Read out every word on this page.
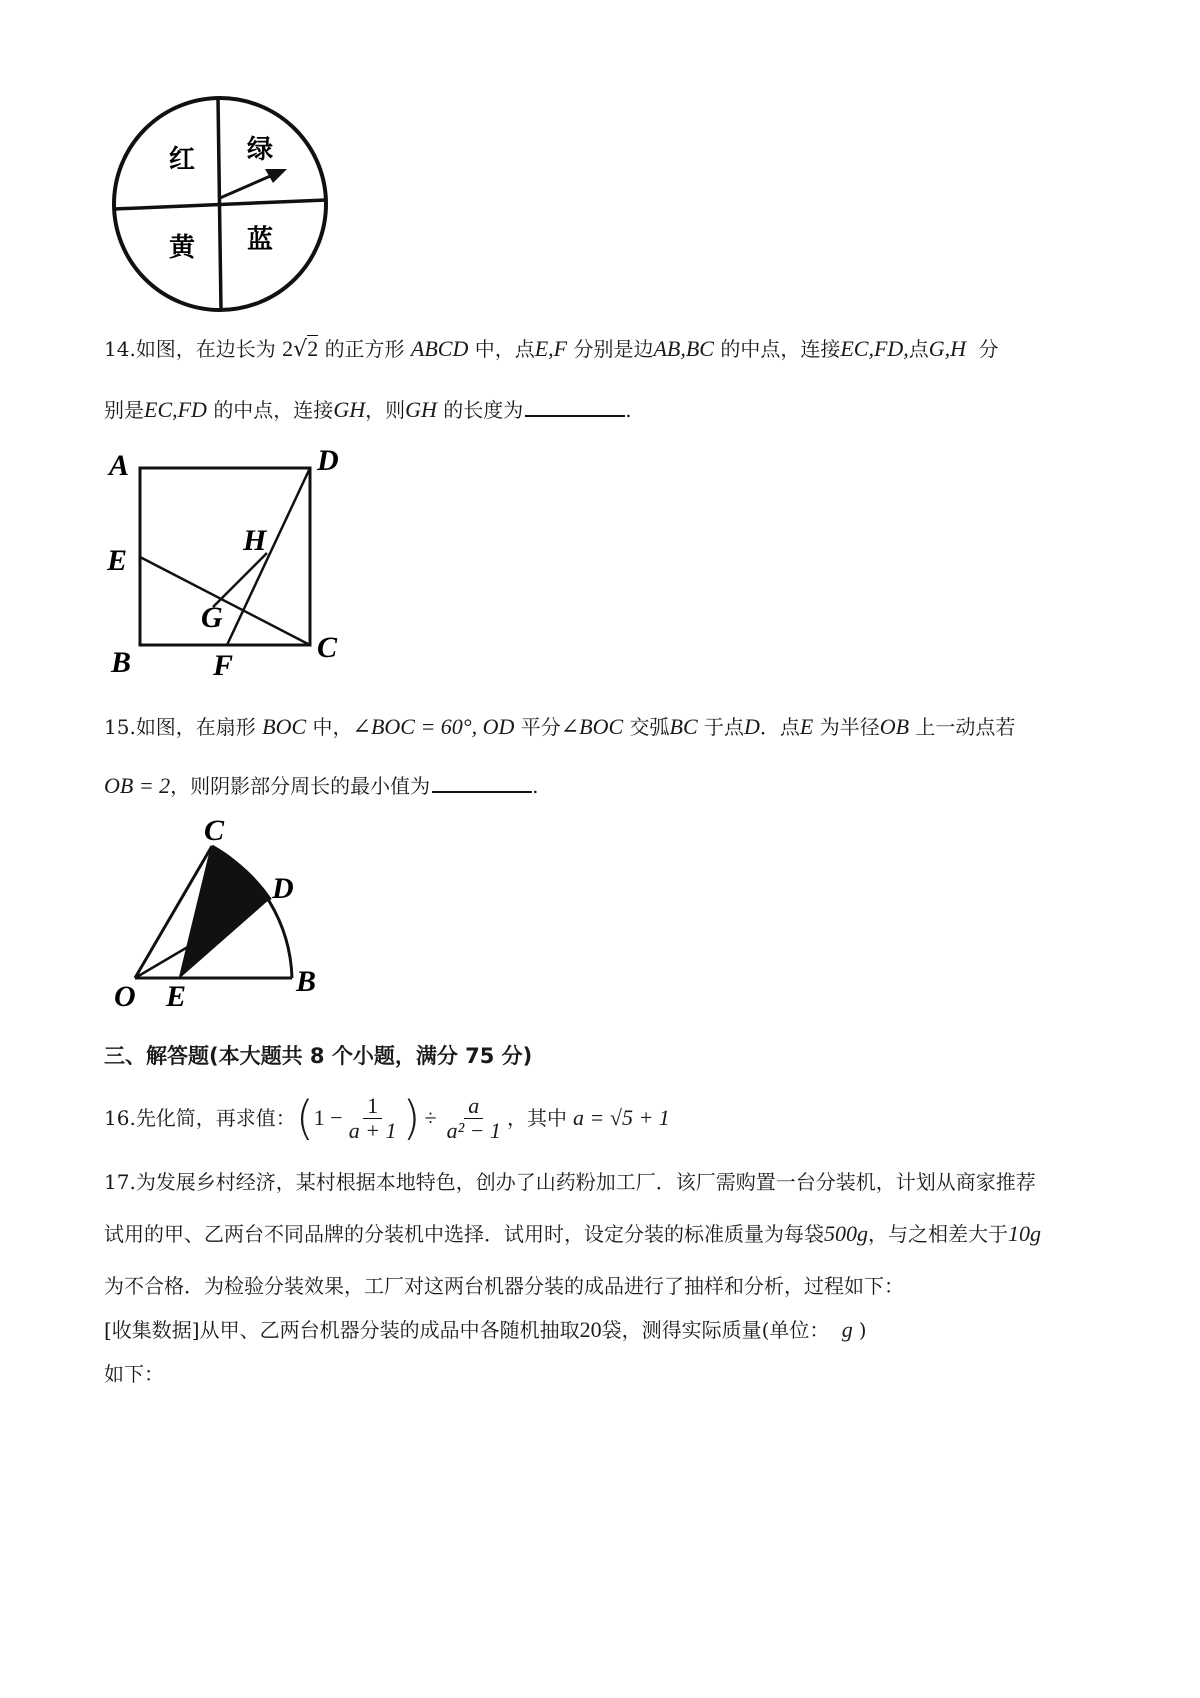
红 绿
黄 蓝
14.如图，在边长为 2√2 的正方形 ABCD 中，点E,F 分别是边AB,BC 的中点，连接EC,FD,点G,H 分
别是EC,FD 的中点，连接GH，则GH 的长度为	.
A	D
E
H
G
B	F
C
15.如图，在扇形 BOC 中，∠BOC = 60°, OD 平分∠BOC 交弧BC 于点D．点E 为半径OB 上一动点若
OB = 2，则阴影部分周长的最小值为	.
C
D
O E	B
三、解答题(本大题共 8 个小题，满分 75 分)
16. 先化简，再求值： ( $1 - \frac{1}{a + 1}$ ) ÷ $\frac{a}{\text{a² − 1}}$ ，其中 a = √5 + 1
17.为发展乡村经济，某村根据本地特色，创办了山药粉加工厂．该厂需购置一台分装机，计划从商家推荐
试用的甲、乙两台不同品牌的分装机中选择．试用时，设定分装的标准质量为每袋500g，与之相差大于10g
为不合格．为检验分装效果，工厂对这两台机器分装的成品进行了抽样和分析，过程如下：
[收集数据]从甲、乙两台机器分装的成品中各随机抽取20袋，测得实际质量(单位： g )
如下：
